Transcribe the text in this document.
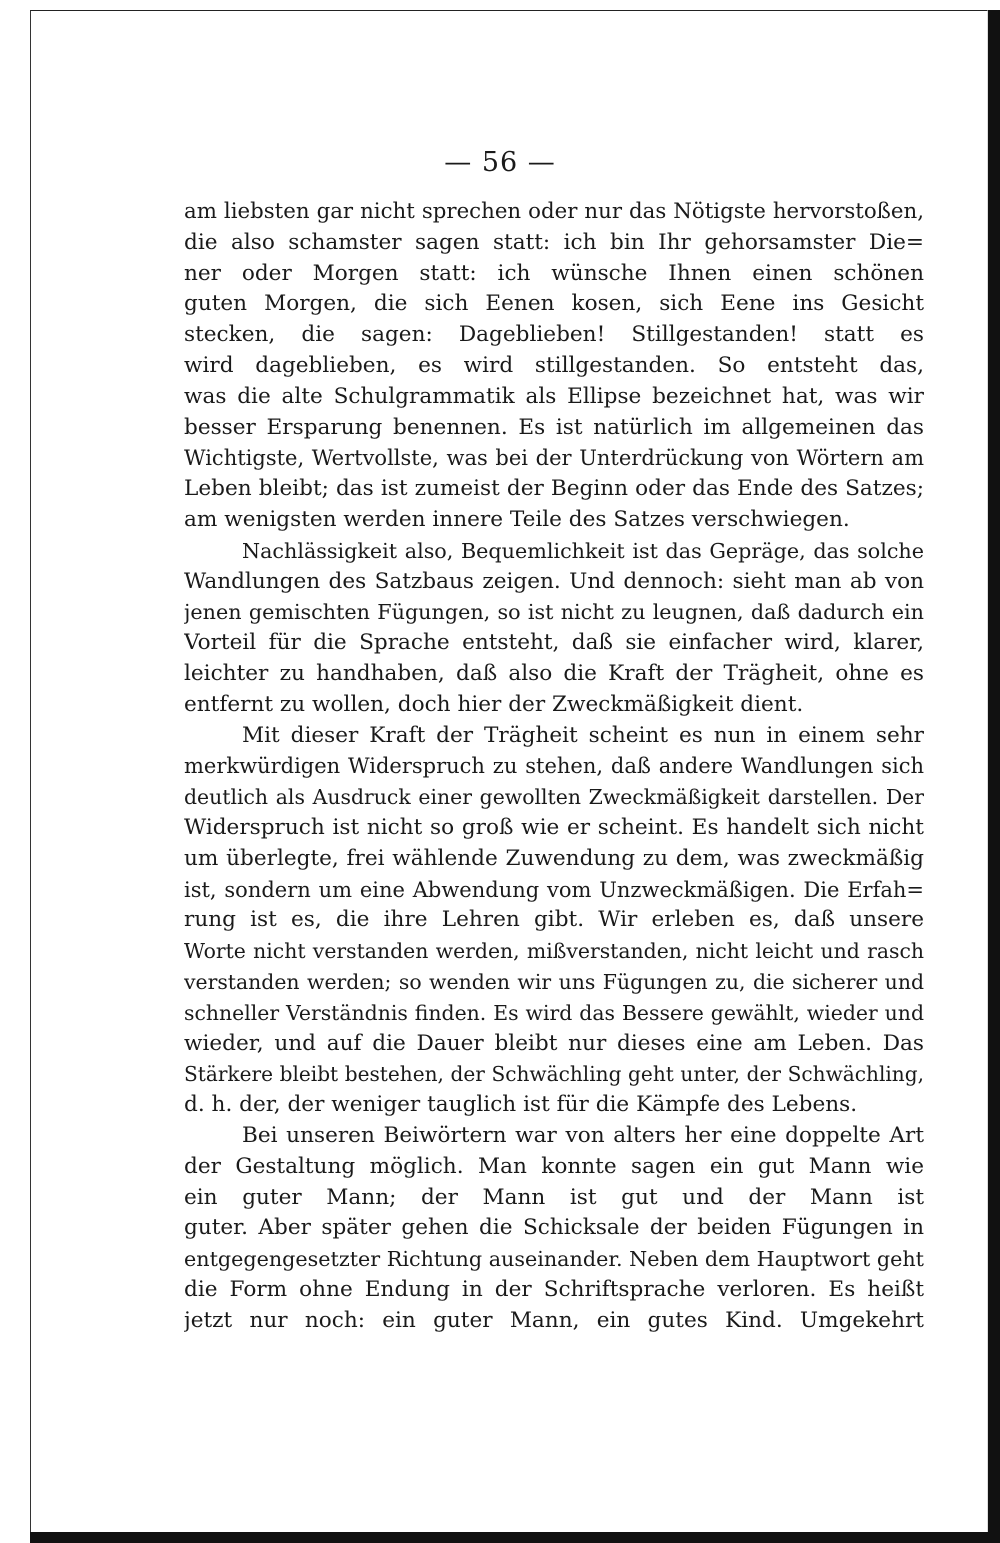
— 56 —
am liebsten gar nicht sprechen oder nur das Nötigste hervorstoßen,
die also schamster sagen statt: ich bin Ihr gehorsamster Die=
ner oder Morgen statt: ich wünsche Ihnen einen schönen
guten Morgen, die sich Eenen kosen, sich Eene ins Gesicht
stecken, die sagen: Dageblieben! Stillgestanden! statt es
wird dageblieben, es wird stillgestanden. So entsteht das,
was die alte Schulgrammatik als Ellipse bezeichnet hat, was wir
besser Ersparung benennen. Es ist natürlich im allgemeinen das
Wichtigste, Wertvollste, was bei der Unterdrückung von Wörtern am
Leben bleibt; das ist zumeist der Beginn oder das Ende des Satzes;
am wenigsten werden innere Teile des Satzes verschwiegen.
Nachlässigkeit also, Bequemlichkeit ist das Gepräge, das solche
Wandlungen des Satzbaus zeigen. Und dennoch: sieht man ab von
jenen gemischten Fügungen, so ist nicht zu leugnen, daß dadurch ein
Vorteil für die Sprache entsteht, daß sie einfacher wird, klarer,
leichter zu handhaben, daß also die Kraft der Trägheit, ohne es
entfernt zu wollen, doch hier der Zweckmäßigkeit dient.
Mit dieser Kraft der Trägheit scheint es nun in einem sehr
merkwürdigen Widerspruch zu stehen, daß andere Wandlungen sich
deutlich als Ausdruck einer gewollten Zweckmäßigkeit darstellen. Der
Widerspruch ist nicht so groß wie er scheint. Es handelt sich nicht
um überlegte, frei wählende Zuwendung zu dem, was zweckmäßig
ist, sondern um eine Abwendung vom Unzweckmäßigen. Die Erfah=
rung ist es, die ihre Lehren gibt. Wir erleben es, daß unsere
Worte nicht verstanden werden, mißverstanden, nicht leicht und rasch
verstanden werden; so wenden wir uns Fügungen zu, die sicherer und
schneller Verständnis finden. Es wird das Bessere gewählt, wieder und
wieder, und auf die Dauer bleibt nur dieses eine am Leben. Das
Stärkere bleibt bestehen, der Schwächling geht unter, der Schwächling,
d. h. der, der weniger tauglich ist für die Kämpfe des Lebens.
Bei unseren Beiwörtern war von alters her eine doppelte Art
der Gestaltung möglich. Man konnte sagen ein gut Mann wie
ein guter Mann; der Mann ist gut und der Mann ist
guter. Aber später gehen die Schicksale der beiden Fügungen in
entgegengesetzter Richtung auseinander. Neben dem Hauptwort geht
die Form ohne Endung in der Schriftsprache verloren. Es heißt
jetzt nur noch: ein guter Mann, ein gutes Kind. Umgekehrt
